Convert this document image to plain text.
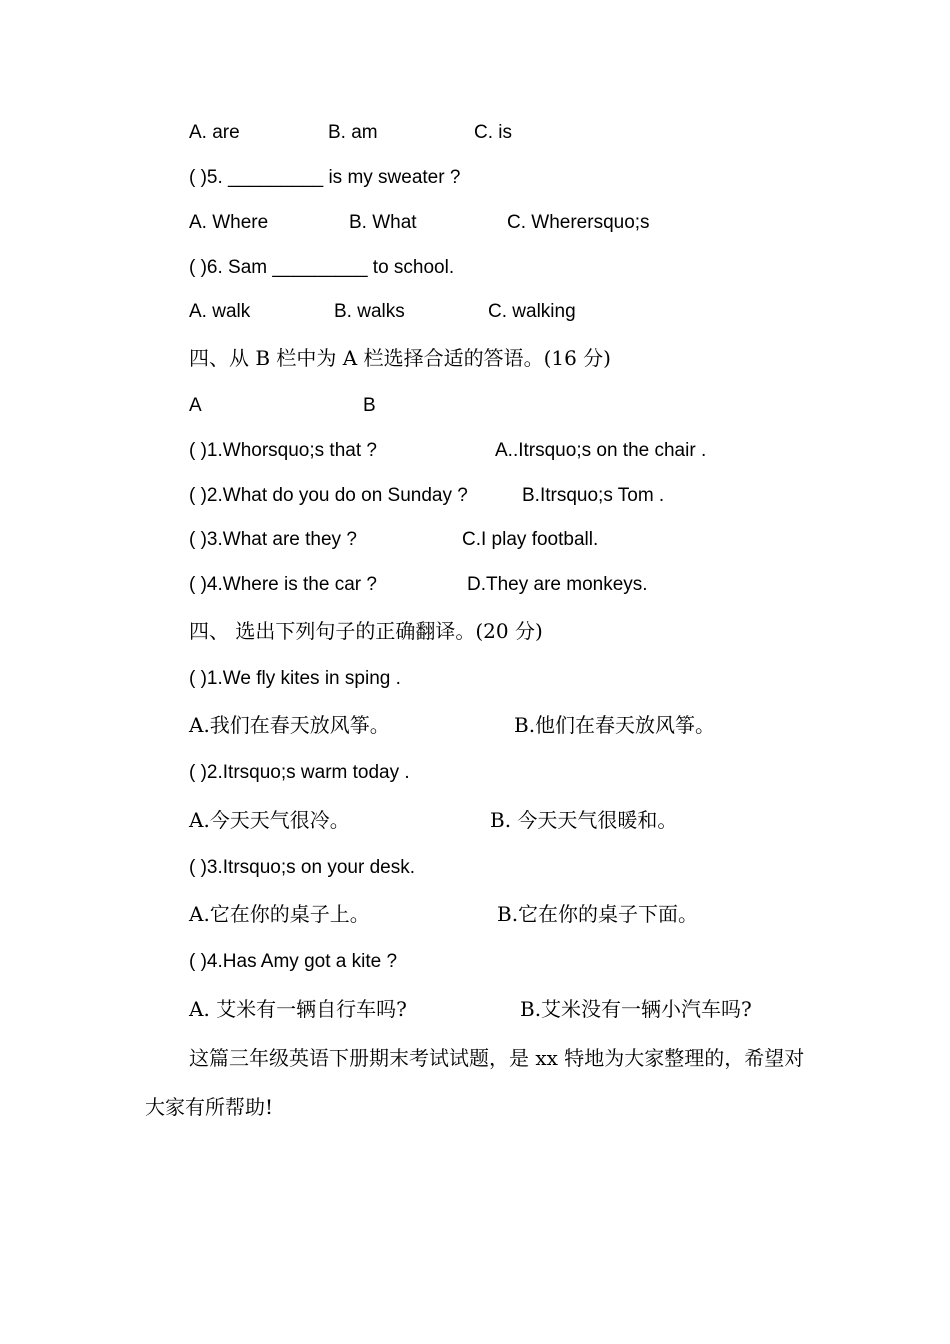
A. are	B. am	C. is
( )5. _________ is my sweater ?
A. Where	B. What	C. Wherersquo;s
( )6. Sam _________ to school.
A. walk	B. walks	C. walking
四、从 B 栏中为 A 栏选择合适的答语。(16 分)
A	B
( )1.Whorsquo;s that ?	A..Itrsquo;s on the chair .
( )2.What do you do on Sunday ?	B.Itrsquo;s Tom .
( )3.What are they ?	C.I play football.
( )4.Where is the car ?	D.They are monkeys.
四、 选出下列句子的正确翻译。(20 分)
( )1.We fly kites in sping .
A.我们在春天放风筝。	B.他们在春天放风筝。
( )2.Itrsquo;s warm today .
A.今天天气很冷。	B. 今天天气很暖和。
( )3.Itrsquo;s on your desk.
A.它在你的桌子上。	B.它在你的桌子下面。
( )4.Has Amy got a kite ?
A. 艾米有一辆自行车吗?	B.艾米没有一辆小汽车吗?
这篇三年级英语下册期末考试试题，是 xx 特地为大家整理的，希望对大家有所帮助!
